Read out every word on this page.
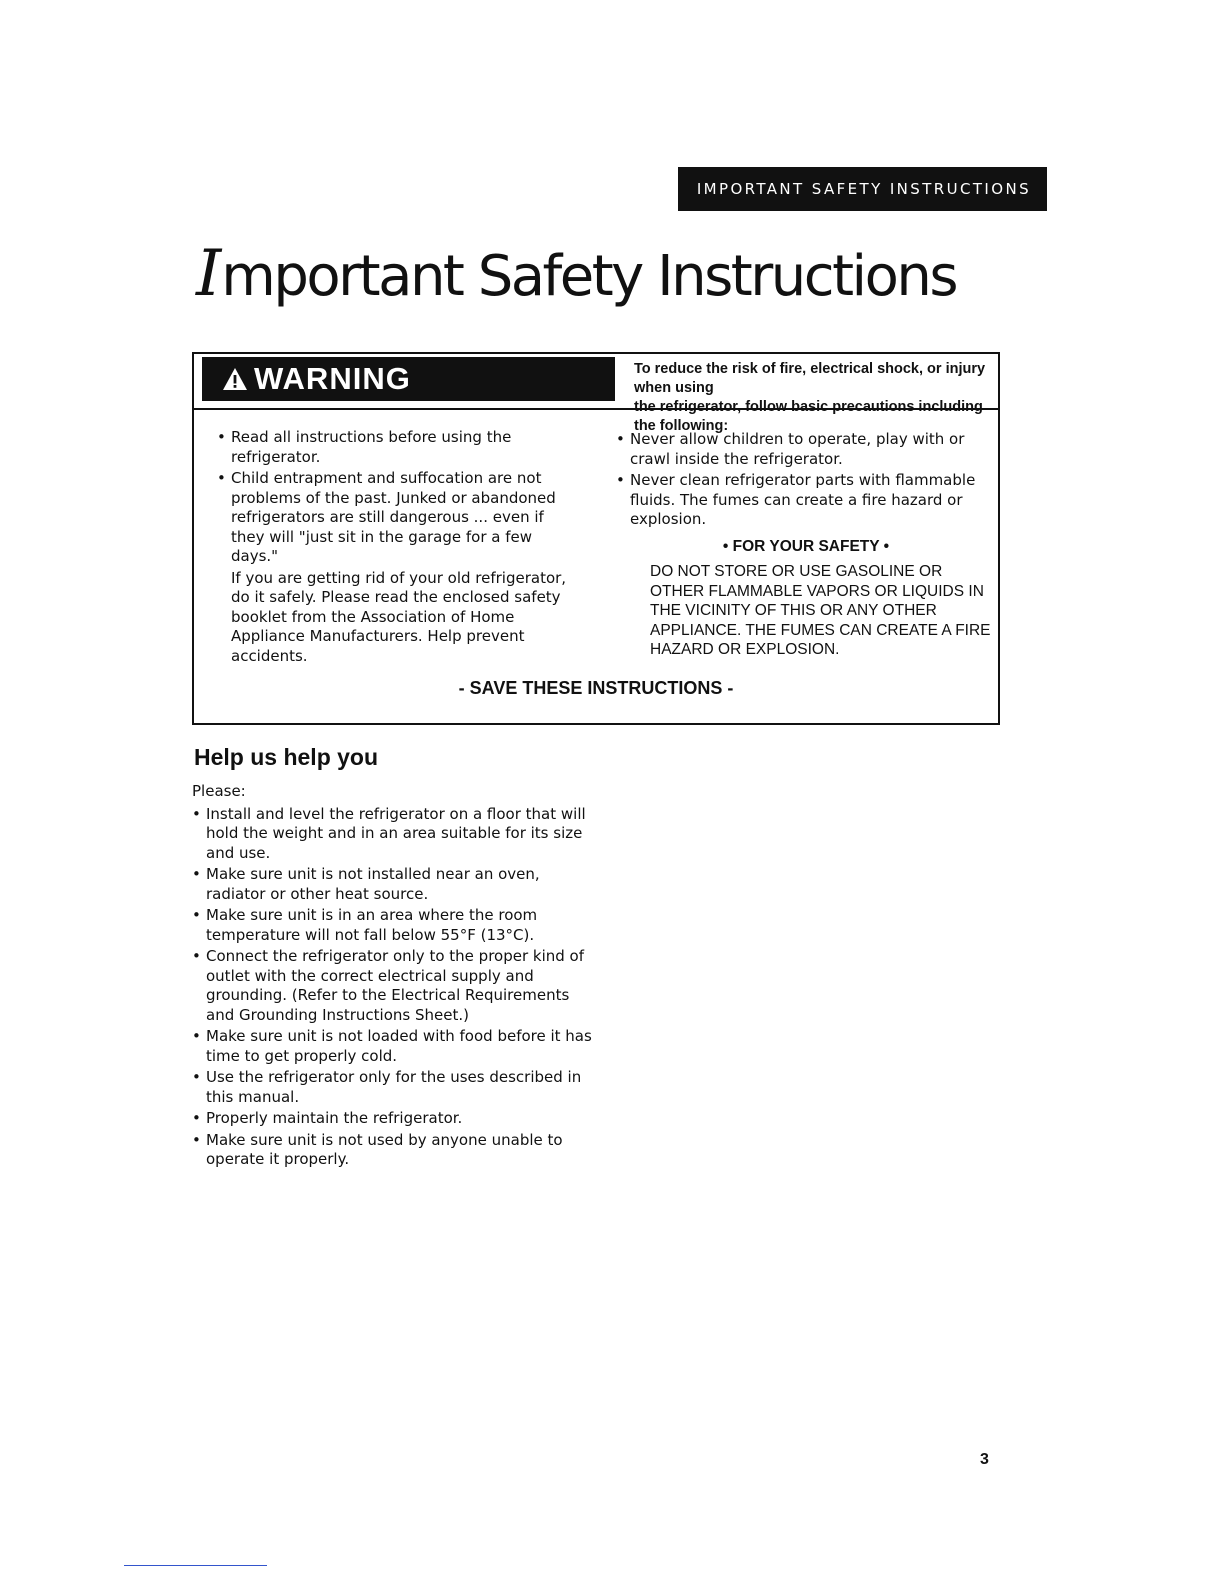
IMPORTANT SAFETY INSTRUCTIONS
Important Safety Instructions
WARNING	To reduce the risk of fire, electrical shock, or injury when using
the refrigerator, follow basic precautions including the following:
• Read all instructions before using the refrigerator.
• Child entrapment and suffocation are not problems of the past. Junked or abandoned refrigerators are still dangerous ... even if they will "just sit in the garage for a few days."
If you are getting rid of your old refrigerator, do it safely. Please read the enclosed safety booklet from the Association of Home Appliance Manufacturers. Help prevent accidents.
• Never allow children to operate, play with or crawl inside the refrigerator.
• Never clean refrigerator parts with flammable fluids. The fumes can create a fire hazard or explosion.
• FOR YOUR SAFETY •
DO NOT STORE OR USE GASOLINE OR OTHER FLAMMABLE VAPORS OR LIQUIDS IN THE VICINITY OF THIS OR ANY OTHER APPLIANCE. THE FUMES CAN CREATE A FIRE HAZARD OR EXPLOSION.
- SAVE THESE INSTRUCTIONS -
Help us help you
Please:
• Install and level the refrigerator on a floor that will hold the weight and in an area suitable for its size and use.
• Make sure unit is not installed near an oven, radiator or other heat source.
• Make sure unit is in an area where the room temperature will not fall below 55°F (13°C).
• Connect the refrigerator only to the proper kind of outlet with the correct electrical supply and grounding. (Refer to the Electrical Requirements and Grounding Instructions Sheet.)
• Make sure unit is not loaded with food before it has time to get properly cold.
• Use the refrigerator only for the uses described in this manual.
• Properly maintain the refrigerator.
• Make sure unit is not used by anyone unable to operate it properly.
3
